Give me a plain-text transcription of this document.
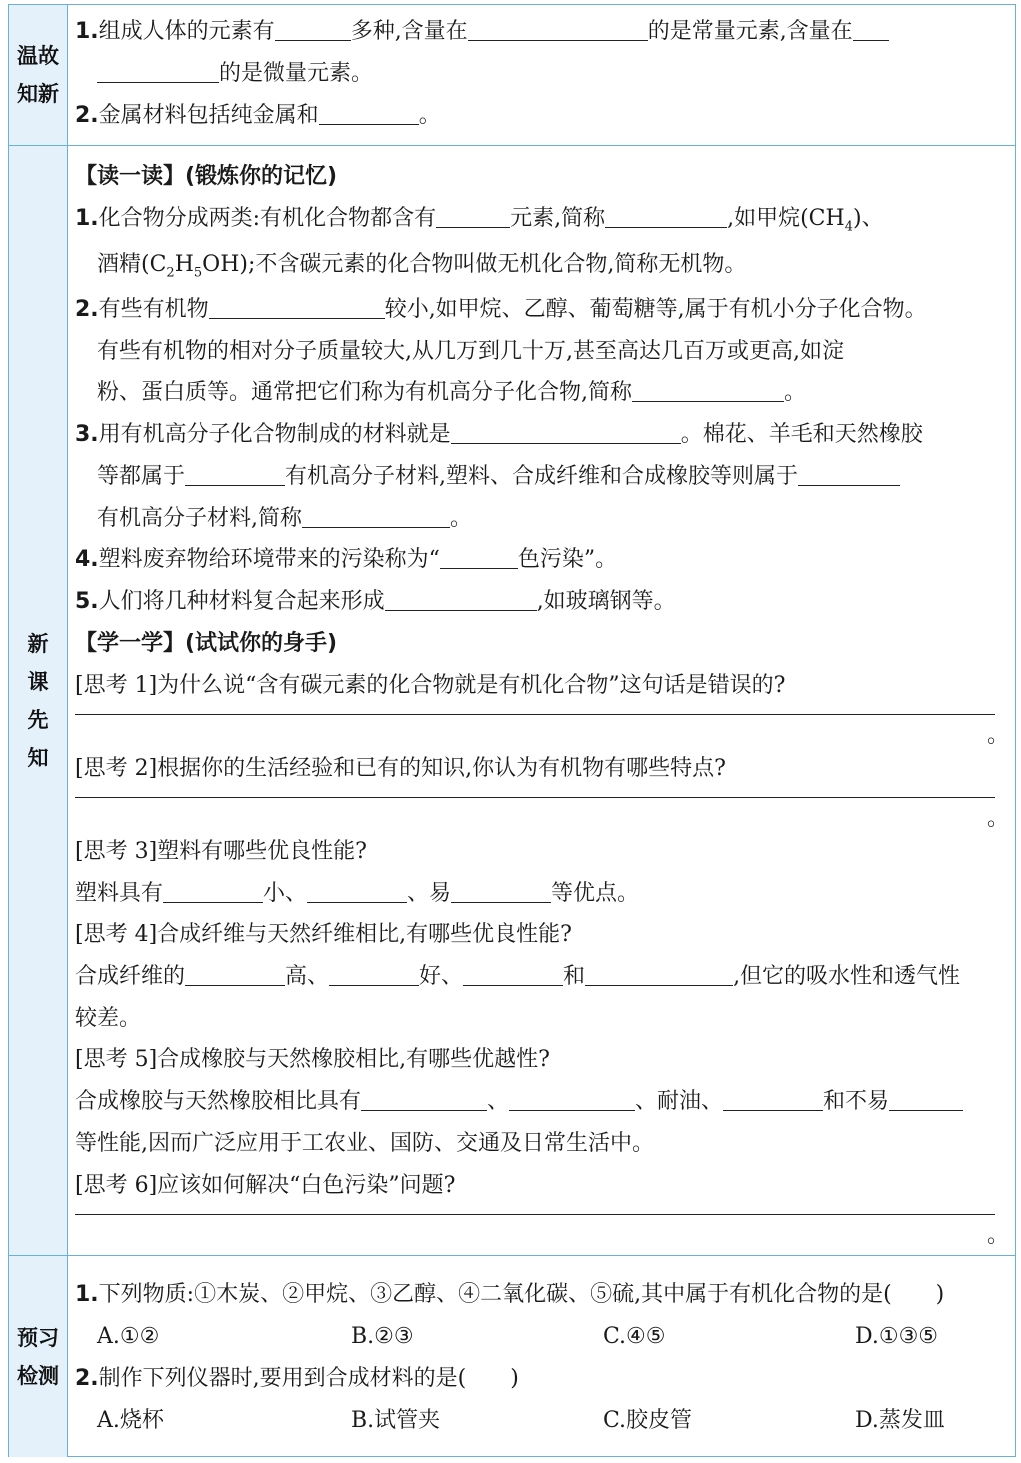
温故
知新
1.组成人体的元素有	多种,含量在	的是常量元素,含量在
的是微量元素。
2.金属材料包括纯金属和	。
新
课
先
知
【读一读】(锻炼你的记忆)
1.化合物分成两类:有机化合物都含有	元素,简称	,如甲烷$(CH_4)$、
酒精$(C_2H_5OH)$;不含碳元素的化合物叫做无机化合物,简称无机物。
2.有些有机物	较小,如甲烷、乙醇、葡萄糖等,属于有机小分子化合物。
有些有机物的相对分子质量较大,从几万到几十万,甚至高达几百万或更高,如淀
粉、蛋白质等。通常把它们称为有机高分子化合物,简称	。
3.用有机高分子化合物制成的材料就是	。棉花、羊毛和天然橡胶
等都属于	有机高分子材料,塑料、合成纤维和合成橡胶等则属于
有机高分子材料,简称	。
4.塑料废弃物给环境带来的污染称为“	色污染”。
5.人们将几种材料复合起来形成	,如玻璃钢等。
【学一学】(试试你的身手)
[思考 1]为什么说“含有碳元素的化合物就是有机化合物”这句话是错误的?
。
[思考 2]根据你的生活经验和已有的知识,你认为有机物有哪些特点?
。
[思考 3]塑料有哪些优良性能?
塑料具有	小、	、易	等优点。
[思考 4]合成纤维与天然纤维相比,有哪些优良性能?
合成纤维的	高、	好、	和	,但它的吸水性和透气性
较差。
[思考 5]合成橡胶与天然橡胶相比,有哪些优越性?
合成橡胶与天然橡胶相比具有	、	、耐油、	和不易
等性能,因而广泛应用于工农业、国防、交通及日常生活中。
[思考 6]应该如何解决“白色污染”问题?
。
预习
检测
1.下列物质:①木炭、②甲烷、③乙醇、④二氧化碳、⑤硫,其中属于有机化合物的是(　　)
A.①②	B.②③	C.④⑤	D.①③⑤
2.制作下列仪器时,要用到合成材料的是(　　)
A.烧杯	B.试管夹	C.胶皮管	D.蒸发皿
